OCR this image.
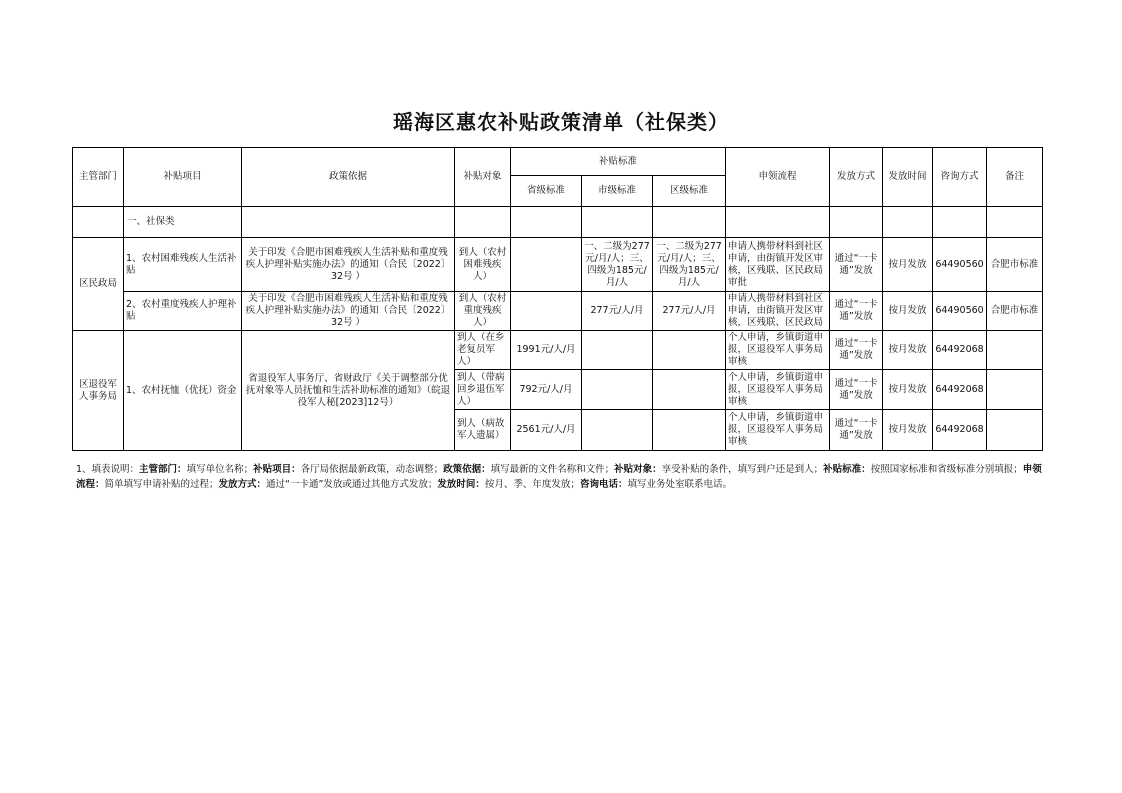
瑶海区惠农补贴政策清单（社保类）
主管部门	补贴项目	政策依据	补贴对象	补贴标准			申领流程	发放方式	发放时间	咨询方式	备注
				省级标准	市级标准	区级标准					
	一、社保类										
区民政局	1、农村困难残疾人生活补贴	关于印发《合肥市困难残疾人生活补贴和重度残疾人护理补贴实施办法》的通知（合民〔2022〕32号 ）	到人（农村困难残疾人）		一、二级为277元/月/人；三、四级为185元/月/人	一、二级为277元/月/人；三、四级为185元/月/人	申请人携带材料到社区申请，由街镇开发区审核，区残联、区民政局审批	通过“一卡通”发放	按月发放	64490560	合肥市标准
	2、农村重度残疾人护理补贴	关于印发《合肥市困难残疾人生活补贴和重度残疾人护理补贴实施办法》的通知（合民〔2022〕32号 ）	到人（农村重度残疾人）		277元/人/月	277元/人/月	申请人携带材料到社区申请，由街镇开发区审核，区残联、区民政局	通过“一卡通”发放	按月发放	64490560	合肥市标准
区退役军人事务局	1、农村抚恤（优抚）资金	省退役军人事务厅、省财政厅《关于调整部分优抚对象等人员抚恤和生活补助标准的通知》（皖退役军人秘[2023]12号）	到人（在乡老复员军人）	1991元/人/月			个人申请，乡镇街道申报，区退役军人事务局审核	通过“一卡通”发放	按月发放	64492068	
			到人（带病回乡退伍军人）	792元/人/月			个人申请，乡镇街道申报，区退役军人事务局审核	通过“一卡通”发放	按月发放	64492068	
			到人（病故军人遗属）	2561元/人/月			个人申请，乡镇街道申报，区退役军人事务局审核	通过“一卡通”发放	按月发放	64492068	
1、填表说明：主管部门：填写单位名称；补贴项目：各厅局依据最新政策，动态调整；政策依据：填写最新的文件名称和文件；补贴对象：享受补贴的条件，填写到户还是到人；补贴标准：按照国家标准和省级标准分别填报；申领流程：简单填写申请补贴的过程；发放方式：通过“一卡通”发放或通过其他方式发放；发放时间：按月、季、年度发放；咨询电话：填写业务处室联系电话。
